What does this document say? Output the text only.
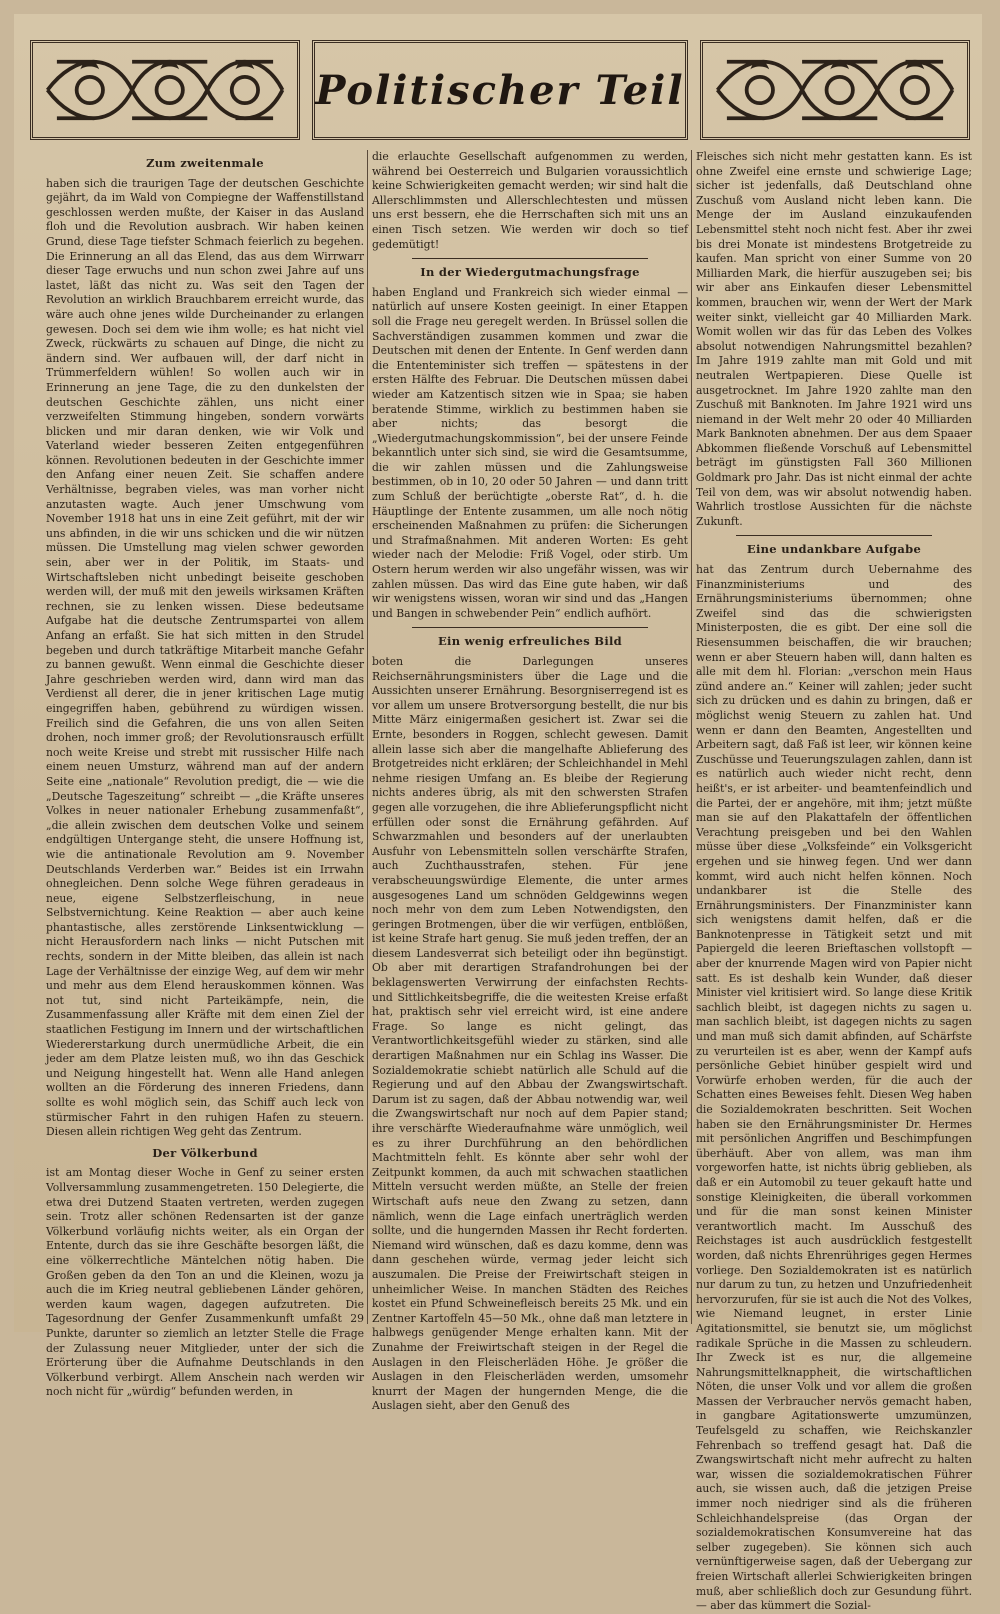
Politischer Teil
Zum zweitenmale

haben sich die traurigen Tage der deutschen Geschichte gejährt, da im Wald von Compiegne der Waffenstillstand geschlossen werden mußte, der Kaiser in das Ausland floh und die Revolution ausbrach. Wir haben keinen Grund, diese Tage tiefster Schmach feierlich zu begehen. Die Erinnerung an all das Elend, das aus dem Wirrwarr dieser Tage erwuchs und nun schon zwei Jahre auf uns lastet, läßt das nicht zu. Was seit den Tagen der Revolution an wirklich Brauchbarem erreicht wurde, das wäre auch ohne jenes wilde Durcheinander zu erlangen gewesen. Doch sei dem wie ihm wolle; es hat nicht viel Zweck, rückwärts zu schauen auf Dinge, die nicht zu ändern sind. Wer aufbauen will, der darf nicht in Trümmerfeldern wühlen! So wollen auch wir in Erinnerung an jene Tage, die zu den dunkelsten der deutschen Geschichte zählen, uns nicht einer verzweifelten Stimmung hingeben, sondern vorwärts blicken und mir daran denken, wie wir Volk und Vaterland wieder besseren Zeiten entgegenführen können. Revolutionen bedeuten in der Geschichte immer den Anfang einer neuen Zeit. Sie schaffen andere Verhältnisse, begraben vieles, was man vorher nicht anzutasten wagte. Auch jener Umschwung vom November 1918 hat uns in eine Zeit geführt, mit der wir uns abfinden, in die wir uns schicken und die wir nützen müssen. Die Umstellung mag vielen schwer geworden sein, aber wer in der Politik, im Staats- und Wirtschaftsleben nicht unbedingt beiseite geschoben werden will, der muß mit den jeweils wirksamen Kräften rechnen, sie zu lenken wissen. Diese bedeutsame Aufgabe hat die deutsche Zentrumspartei von allem Anfang an erfaßt. Sie hat sich mitten in den Strudel begeben und durch tatkräftige Mitarbeit manche Gefahr zu bannen gewußt. Wenn einmal die Geschichte dieser Jahre geschrieben werden wird, dann wird man das Verdienst all derer, die in jener kritischen Lage mutig eingegriffen haben, gebührend zu würdigen wissen. Freilich sind die Gefahren, die uns von allen Seiten drohen, noch immer groß; der Revolutionsrausch erfüllt noch weite Kreise und strebt mit russischer Hilfe nach einem neuen Umsturz, während man auf der andern Seite eine „nationale“ Revolution predigt, die — wie die „Deutsche Tageszeitung“ schreibt — „die Kräfte unseres Volkes in neuer nationaler Erhebung zusammenfaßt“, „die allein zwischen dem deutschen Volke und seinem endgültigen Untergange steht, die unsere Hoffnung ist, wie die antinationale Revolution am 9. November Deutschlands Verderben war.“ Beides ist ein Irrwahn ohnegleichen. Denn solche Wege führen geradeaus in neue, eigene Selbstzerfleischung, in neue Selbstvernichtung. Keine Reaktion — aber auch keine phantastische, alles zerstörende Linksentwicklung — nicht Herausfordern nach links — nicht Putschen mit rechts, sondern in der Mitte bleiben, das allein ist nach Lage der Verhältnisse der einzige Weg, auf dem wir mehr und mehr aus dem Elend herauskommen können. Was not tut, sind nicht Parteikämpfe, nein, die Zusammenfassung aller Kräfte mit dem einen Ziel der staatlichen Festigung im Innern und der wirtschaftlichen Wiedererstarkung durch unermüdliche Arbeit, die ein jeder am dem Platze leisten muß, wo ihn das Geschick und Neigung hingestellt hat. Wenn alle Hand anlegen wollten an die Förderung des inneren Friedens, dann sollte es wohl möglich sein, das Schiff auch leck von stürmischer Fahrt in den ruhigen Hafen zu steuern. Diesen allein richtigen Weg geht das Zentrum.

Der Völkerbund

ist am Montag dieser Woche in Genf zu seiner ersten Vollversammlung zusammengetreten. 150 Delegierte, die etwa drei Dutzend Staaten vertreten, werden zugegen sein. Trotz aller schönen Redensarten ist der ganze Völkerbund vorläufig nichts weiter, als ein Organ der Entente, durch das sie ihre Geschäfte besorgen läßt, die eine völkerrechtliche Mäntelchen nötig haben. Die Großen geben da den Ton an und die Kleinen, wozu ja auch die im Krieg neutral gebliebenen Länder gehören, werden kaum wagen, dagegen aufzutreten. Die Tagesordnung der Genfer Zusammenkunft umfaßt 29 Punkte, darunter so ziemlich an letzter Stelle die Frage der Zulassung neuer Mitglieder, unter der sich die Erörterung über die Aufnahme Deutschlands in den Völkerbund verbirgt. Allem Anschein nach werden wir noch nicht für „würdig“ befunden werden, in

die erlauchte Gesellschaft aufgenommen zu werden, während bei Oesterreich und Bulgarien voraussichtlich keine Schwierigkeiten gemacht werden; wir sind halt die Allerschlimmsten und Allerschlechtesten und müssen uns erst bessern, ehe die Herrschaften sich mit uns an einen Tisch setzen. Wie werden wir doch so tief gedemütigt!

In der Wiedergutmachungsfrage

haben England und Frankreich sich wieder einmal — natürlich auf unsere Kosten geeinigt. In einer Etappen soll die Frage neu geregelt werden. In Brüssel sollen die Sachverständigen zusammen kommen und zwar die Deutschen mit denen der Entente. In Genf werden dann die Ententeminister sich treffen — spätestens in der ersten Hälfte des Februar. Die Deutschen müssen dabei wieder am Katzentisch sitzen wie in Spaa; sie haben beratende Stimme, wirklich zu bestimmen haben sie aber nichts; das besorgt die „Wiedergutmachungskommission“, bei der unsere Feinde bekanntlich unter sich sind, sie wird die Gesamtsumme, die wir zahlen müssen und die Zahlungsweise bestimmen, ob in 10, 20 oder 50 Jahren — und dann tritt zum Schluß der berüchtigte „oberste Rat“, d. h. die Häuptlinge der Entente zusammen, um alle noch nötig erscheinenden Maßnahmen zu prüfen: die Sicherungen und Strafmaßnahmen. Mit anderen Worten: Es geht wieder nach der Melodie: Friß Vogel, oder stirb. Um Ostern herum werden wir also ungefähr wissen, was wir zahlen müssen. Das wird das Eine gute haben, wir daß wir wenigstens wissen, woran wir sind und das „Hangen und Bangen in schwebender Pein“ endlich aufhört.

Ein wenig erfreuliches Bild

boten die Darlegungen unseres Reichsernährungsministers über die Lage und die Aussichten unserer Ernährung. Besorgniserregend ist es vor allem um unsere Brotversorgung bestellt, die nur bis Mitte März einigermaßen gesichert ist. Zwar sei die Ernte, besonders in Roggen, schlecht gewesen. Damit allein lasse sich aber die mangelhafte Ablieferung des Brotgetreides nicht erklären; der Schleichhandel in Mehl nehme riesigen Umfang an. Es bleibe der Regierung nichts anderes übrig, als mit den schwersten Strafen gegen alle vorzugehen, die ihre Ablieferungspflicht nicht erfüllen oder sonst die Ernährung gefährden. Auf Schwarzmahlen und besonders auf der unerlaubten Ausfuhr von Lebensmitteln sollen verschärfte Strafen, auch Zuchthausstrafen, stehen. Für jene verabscheuungswürdige Elemente, die unter armes ausgesogenes Land um schnöden Geldgewinns wegen noch mehr von dem zum Leben Notwendigsten, den geringen Brotmengen, über die wir verfügen, entblößen, ist keine Strafe hart genug. Sie muß jeden treffen, der an diesem Landesverrat sich beteiligt oder ihn begünstigt. Ob aber mit derartigen Strafandrohungen bei der beklagenswerten Verwirrung der einfachsten Rechts- und Sittlichkeitsbegriffe, die die weitesten Kreise erfaßt hat, praktisch sehr viel erreicht wird, ist eine andere Frage. So lange es nicht gelingt, das Verantwortlichkeitsgefühl wieder zu stärken, sind alle derartigen Maßnahmen nur ein Schlag ins Wasser. Die Sozialdemokratie schiebt natürlich alle Schuld auf die Regierung und auf den Abbau der Zwangswirtschaft. Darum ist zu sagen, daß der Abbau notwendig war, weil die Zwangswirtschaft nur noch auf dem Papier stand; ihre verschärfte Wiederaufnahme wäre unmöglich, weil es zu ihrer Durchführung an den behördlichen Machtmitteln fehlt. Es könnte aber sehr wohl der Zeitpunkt kommen, da auch mit schwachen staatlichen Mitteln versucht werden müßte, an Stelle der freien Wirtschaft aufs neue den Zwang zu setzen, dann nämlich, wenn die Lage einfach unerträglich werden sollte, und die hungernden Massen ihr Recht forderten. Niemand wird wünschen, daß es dazu komme, denn was dann geschehen würde, vermag jeder leicht sich auszumalen. Die Preise der Freiwirtschaft steigen in unheimlicher Weise. In manchen Städten des Reiches kostet ein Pfund Schweinefleisch bereits 25 Mk. und ein Zentner Kartoffeln 45—50 Mk., ohne daß man letztere in halbwegs genügender Menge erhalten kann. Mit der Zunahme der Freiwirtschaft steigen in der Regel die Auslagen in den Fleischerläden Höhe. Je größer die Auslagen in den Fleischerläden werden, umsomehr knurrt der Magen der hungernden Menge, die die Auslagen sieht, aber den Genuß des

Fleisches sich nicht mehr gestatten kann. Es ist ohne Zweifel eine ernste und schwierige Lage; sicher ist jedenfalls, daß Deutschland ohne Zuschuß vom Ausland nicht leben kann. Die Menge der im Ausland einzukaufenden Lebensmittel steht noch nicht fest. Aber ihr zwei bis drei Monate ist mindestens Brotgetreide zu kaufen. Man spricht von einer Summe von 20 Milliarden Mark, die hierfür auszugeben sei; bis wir aber ans Einkaufen dieser Lebensmittel kommen, brauchen wir, wenn der Wert der Mark weiter sinkt, vielleicht gar 40 Milliarden Mark. Womit wollen wir das für das Leben des Volkes absolut notwendigen Nahrungsmittel bezahlen? Im Jahre 1919 zahlte man mit Gold und mit neutralen Wertpapieren. Diese Quelle ist ausgetrocknet. Im Jahre 1920 zahlte man den Zuschuß mit Banknoten. Im Jahre 1921 wird uns niemand in der Welt mehr 20 oder 40 Milliarden Mark Banknoten abnehmen. Der aus dem Spaaer Abkommen fließende Vorschuß auf Lebensmittel beträgt im günstigsten Fall 360 Millionen Goldmark pro Jahr. Das ist nicht einmal der achte Teil von dem, was wir absolut notwendig haben. Wahrlich trostlose Aussichten für die nächste Zukunft.

Eine undankbare Aufgabe

hat das Zentrum durch Uebernahme des Finanzministeriums und des Ernährungsministeriums übernommen; ohne Zweifel sind das die schwierigsten Ministerposten, die es gibt. Der eine soll die Riesensummen beischaffen, die wir brauchen; wenn er aber Steuern haben will, dann halten es alle mit dem hl. Florian: „verschon mein Haus zünd andere an.“ Keiner will zahlen; jeder sucht sich zu drücken und es dahin zu bringen, daß er möglichst wenig Steuern zu zahlen hat. Und wenn er dann den Beamten, Angestellten und Arbeitern sagt, daß Faß ist leer, wir können keine Zuschüsse und Teuerungszulagen zahlen, dann ist es natürlich auch wieder nicht recht, denn heißt's, er ist arbeiter- und beamtenfeindlich und die Partei, der er angehöre, mit ihm; jetzt müßte man sie auf den Plakattafeln der öffentlichen Verachtung preisgeben und bei den Wahlen müsse über diese „Volksfeinde“ ein Volksgericht ergehen und sie hinweg fegen. Und wer dann kommt, wird auch nicht helfen können. Noch undankbarer ist die Stelle des Ernährungsministers. Der Finanzminister kann sich wenigstens damit helfen, daß er die Banknotenpresse in Tätigkeit setzt und mit Papiergeld die leeren Brieftaschen vollstopft — aber der knurrende Magen wird von Papier nicht satt. Es ist deshalb kein Wunder, daß dieser Minister viel kritisiert wird. So lange diese Kritik sachlich bleibt, ist dagegen nichts zu sagen u. man sachlich bleibt, ist dagegen nichts zu sagen und man muß sich damit abfinden, auf Schärfste zu verurteilen ist es aber, wenn der Kampf aufs persönliche Gebiet hinüber gespielt wird und Vorwürfe erhoben werden, für die auch der Schatten eines Beweises fehlt. Diesen Weg haben die Sozialdemokraten beschritten. Seit Wochen haben sie den Ernährungsminister Dr. Hermes mit persönlichen Angriffen und Beschimpfungen überhäuft. Aber von allem, was man ihm vorgeworfen hatte, ist nichts übrig geblieben, als daß er ein Automobil zu teuer gekauft hatte und sonstige Kleinigkeiten, die überall vorkommen und für die man sonst keinen Minister verantwortlich macht. Im Ausschuß des Reichstages ist auch ausdrücklich festgestellt worden, daß nichts Ehrenrühriges gegen Hermes vorliege. Den Sozialdemokraten ist es natürlich nur darum zu tun, zu hetzen und Unzufriedenheit hervorzurufen, für sie ist auch die Not des Volkes, wie Niemand leugnet, in erster Linie Agitationsmittel, sie benutzt sie, um möglichst radikale Sprüche in die Massen zu schleudern. Ihr Zweck ist es nur, die allgemeine Nahrungsmittelknappheit, die wirtschaftlichen Nöten, die unser Volk und vor allem die großen Massen der Verbraucher nervös gemacht haben, in gangbare Agitationswerte umzumünzen, Teufelsgeld zu schaffen, wie Reichskanzler Fehrenbach so treffend gesagt hat. Daß die Zwangswirtschaft nicht mehr aufrecht zu halten war, wissen die sozialdemokratischen Führer auch, sie wissen auch, daß die jetzigen Preise immer noch niedriger sind als die früheren Schleichhandelspreise (das Organ der sozialdemokratischen Konsumvereine hat das selber zugegeben). Sie können sich auch vernünftigerweise sagen, daß der Uebergang zur freien Wirtschaft allerlei Schwierigkeiten bringen muß, aber schließlich doch zur Gesundung führt. — aber das kümmert die Sozial-
